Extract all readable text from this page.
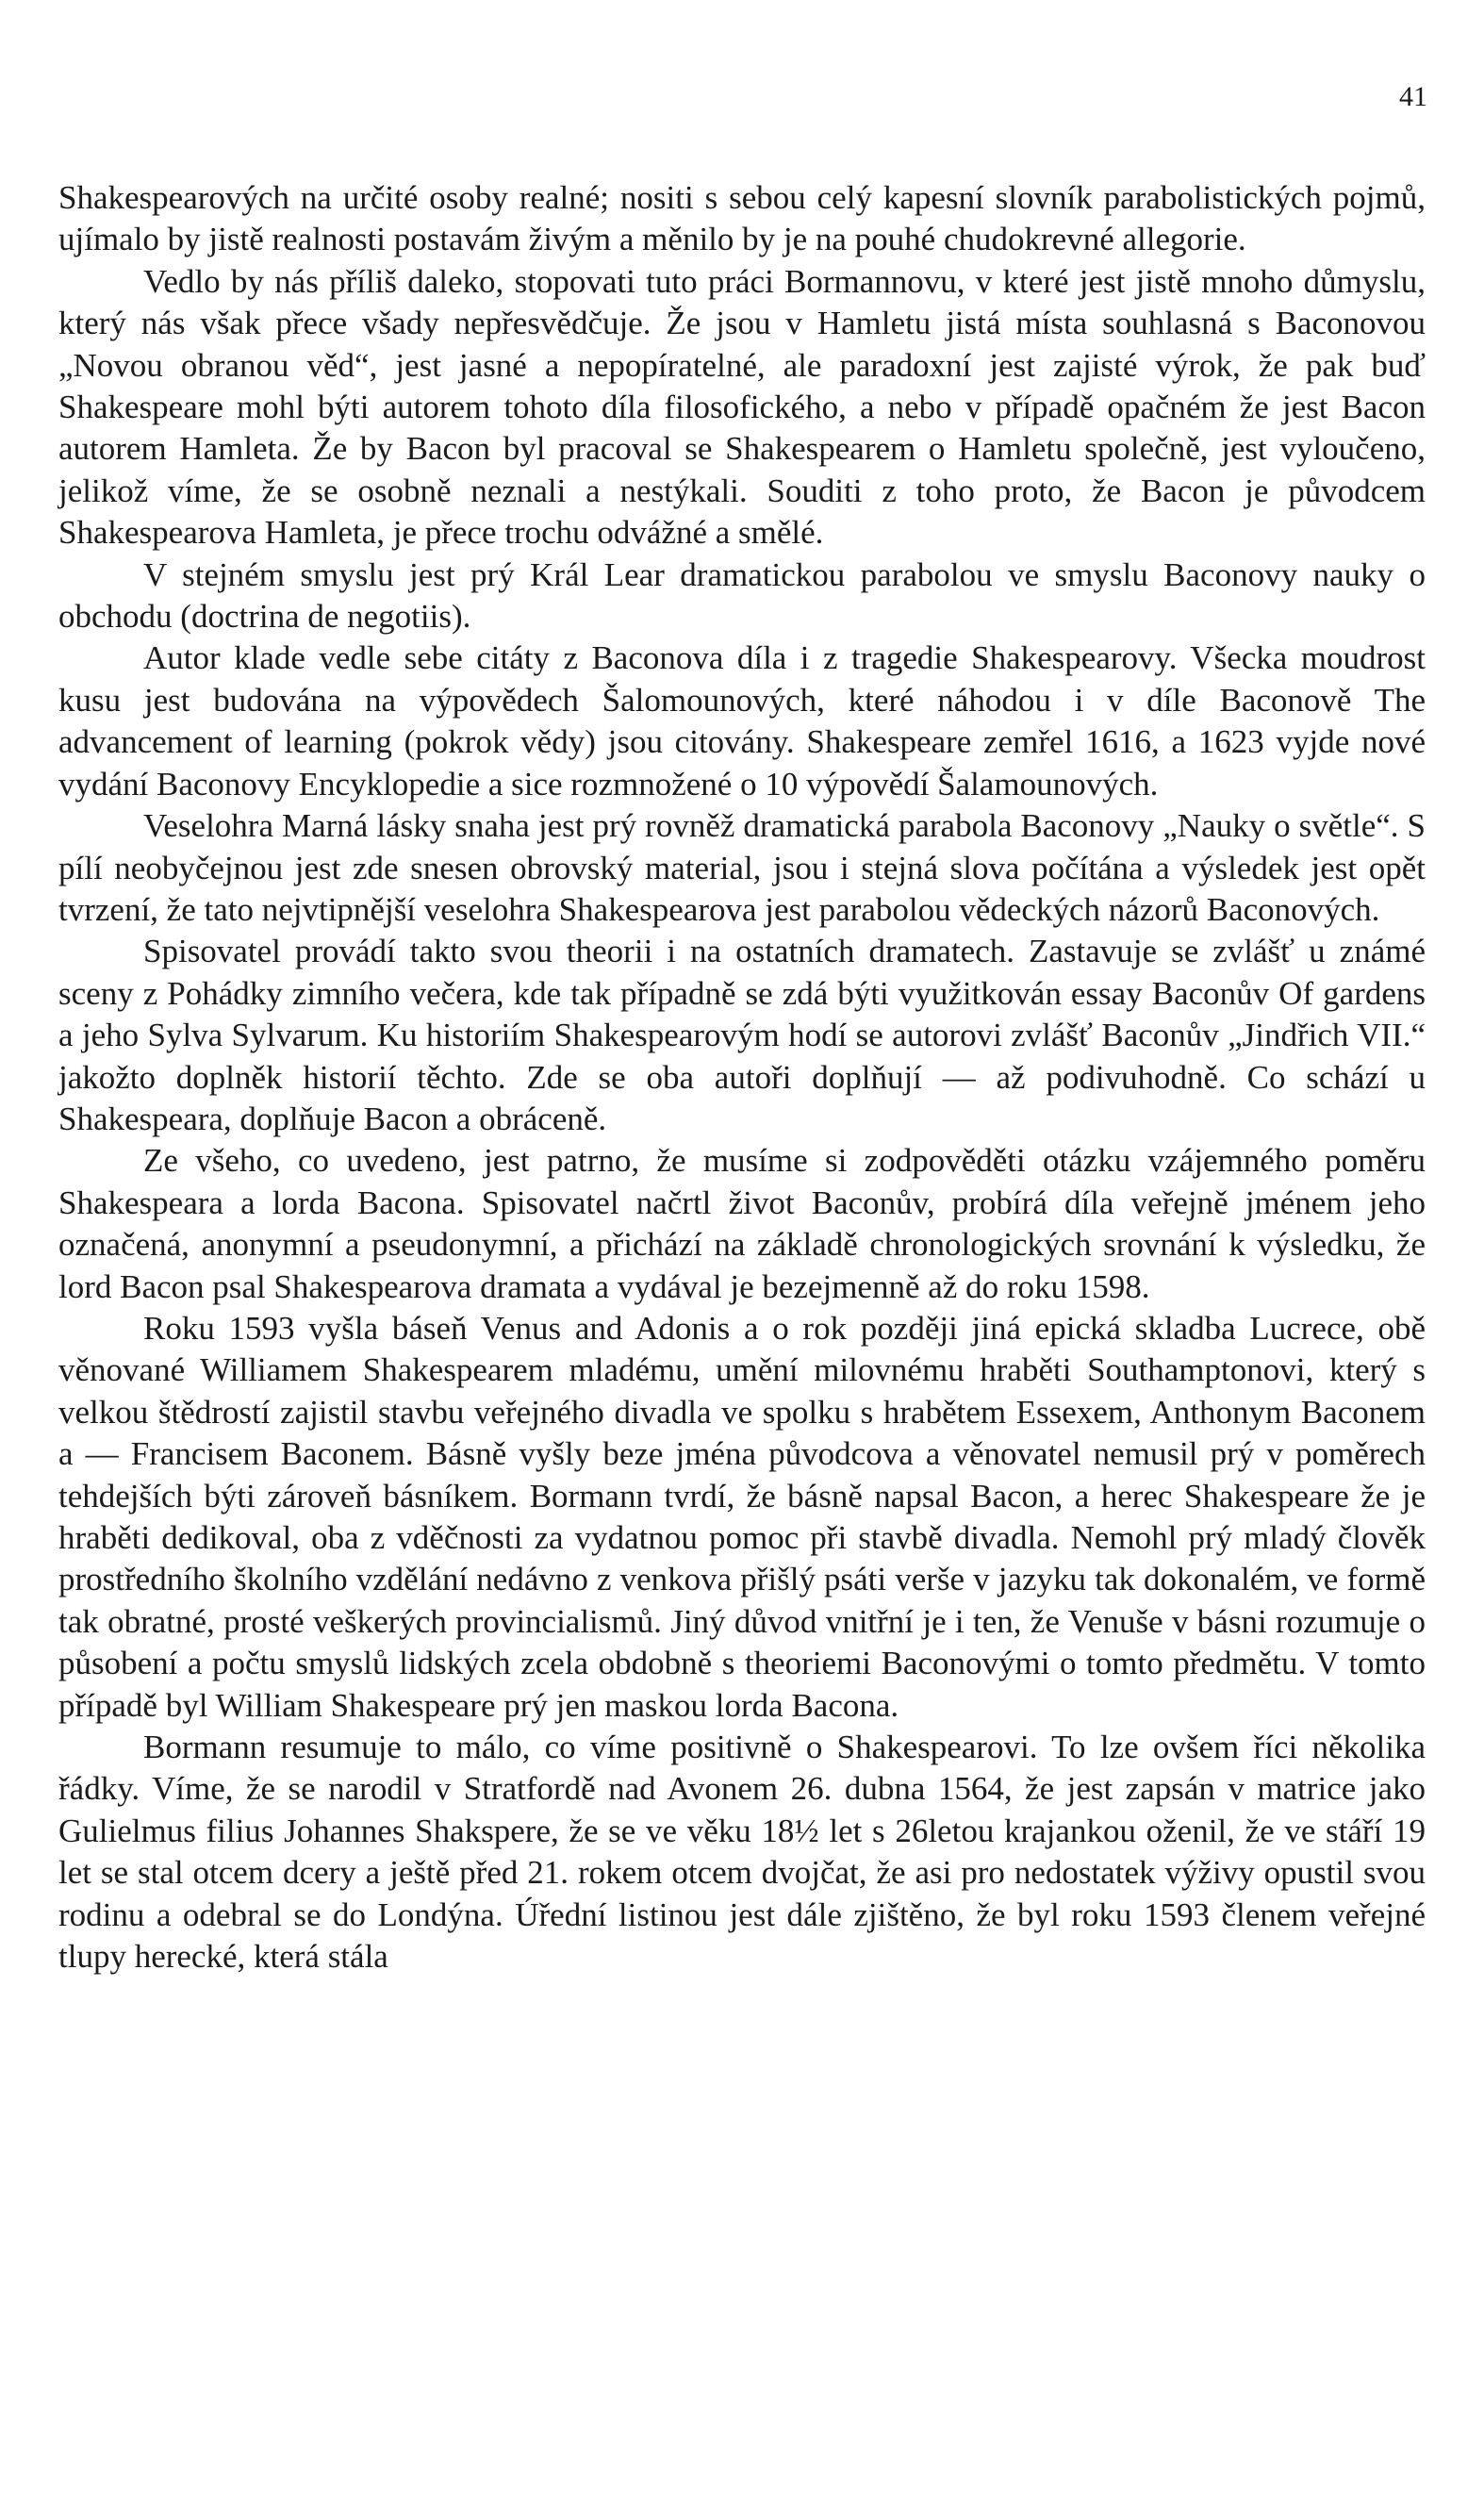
41

Shakespearových na určité osoby realné; nositi s sebou celý kapesní slovník parabolistických pojmů, ujímalo by jistě realnosti postavám živým a měnilo by je na pouhé chudokrevné allegorie.

Vedlo by nás příliš daleko, stopovati tuto práci Bormannovu, v které jest jistě mnoho důmyslu, který nás však přece všady nepřesvědčuje. Že jsou v Hamletu jistá místa souhlasná s Baconovou „Novou obranou věd“, jest jasné a nepopíratelné, ale paradoxní jest zajisté výrok, že pak buď Shakespeare mohl býti autorem tohoto díla filosofického, a nebo v případě opačném že jest Bacon autorem Hamleta. Že by Bacon byl pracoval se Shakespearem o Hamletu společně, jest vyloučeno, jelikož víme, že se osobně neznali a nestýkali. Souditi z toho proto, že Bacon je původcem Shakespearova Hamleta, je přece trochu odvážné a smělé.

V stejném smyslu jest prý Král Lear dramatickou parabolou ve smyslu Baconovy nauky o obchodu (doctrina de negotiis).

Autor klade vedle sebe citáty z Baconova díla i z tragedie Shakespearovy. Všecka moudrost kusu jest budována na výpovědech Šalomounových, které náhodou i v díle Baconově The advancement of learning (pokrok vědy) jsou citovány. Shakespeare zemřel 1616, a 1623 vyjde nové vydání Baconovy Encyklopedie a sice rozmnožené o 10 výpovědí Šalamounových.

Veselohra Marná lásky snaha jest prý rovněž dramatická parabola Baconovy „Nauky o světle“. S pílí neobyčejnou jest zde snesen obrovský material, jsou i stejná slova počítána a výsledek jest opět tvrzení, že tato nejvtipnější veselohra Shakespearova jest parabolou vědeckých názorů Baconových.

Spisovatel provádí takto svou theorii i na ostatních dramatech. Zastavuje se zvlášť u známé sceny z Pohádky zimního večera, kde tak případně se zdá býti využitkován essay Baconův Of gardens a jeho Sylva Sylvarum. Ku historiím Shakespearovým hodí se autorovi zvlášť Baconův „Jindřich VII.“ jakožto doplněk historií těchto. Zde se oba autoři doplňují — až podivuhodně. Co schází u Shakespeara, doplňuje Bacon a obráceně.

Ze všeho, co uvedeno, jest patrno, že musíme si zodpověděti otázku vzájemného poměru Shakespeara a lorda Bacona. Spisovatel načrtl život Baconův, probírá díla veřejně jménem jeho označená, anonymní a pseudonymní, a přichází na základě chronologických srovnání k výsledku, že lord Bacon psal Shakespearova dramata a vydával je bezejmenně až do roku 1598.

Roku 1593 vyšla báseň Venus and Adonis a o rok později jiná epická skladba Lucrece, obě věnované Williamem Shakespearem mladému, umění milovnému hraběti Southamptonovi, který s velkou štědrostí zajistil stavbu veřejného divadla ve spolku s hrabětem Essexem, Anthonym Baconem a — Francisem Baconem. Básně vyšly beze jména původcova a věnovatel nemusil prý v poměrech tehdejších býti zároveň básníkem. Bormann tvrdí, že básně napsal Bacon, a herec Shakespeare že je hraběti dedikoval, oba z vděčnosti za vydatnou pomoc při stavbě divadla. Nemohl prý mladý člověk prostředního školního vzdělání nedávno z venkova přišlý psáti verše v jazyku tak dokonalém, ve formě tak obratné, prosté veškerých provincialismů. Jiný důvod vnitřní je i ten, že Venuše v básni rozumuje o působení a počtu smyslů lidských zcela obdobně s theoriemi Baconovými o tomto předmětu. V tomto případě byl William Shakespeare prý jen maskou lorda Bacona.

Bormann resumuje to málo, co víme positivně o Shakespearovi. To lze ovšem říci několika řádky. Víme, že se narodil v Stratfordě nad Avonem 26. dubna 1564, že jest zapsán v matrice jako Gulielmus filius Johannes Shakspere, že se ve věku 18½ let s 26letou krajankou oženil, že ve stáří 19 let se stal otcem dcery a ještě před 21. rokem otcem dvojčat, že asi pro nedostatek výživy opustil svou rodinu a odebral se do Londýna. Úřední listinou jest dále zjištěno, že byl roku 1593 členem veřejné tlupy herecké, která stála
